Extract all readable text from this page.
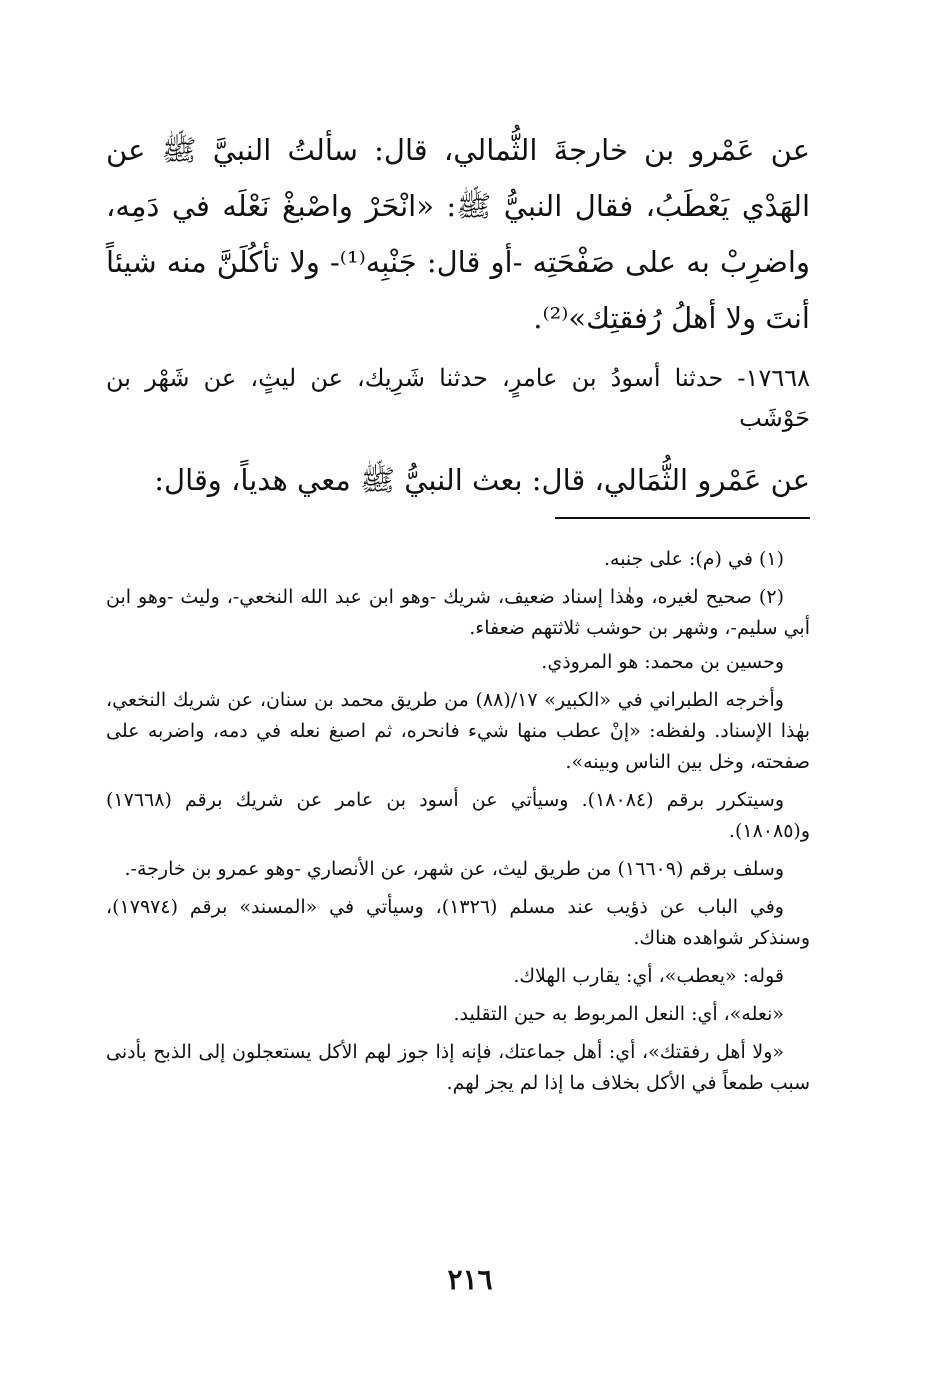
عن عَمْرو بن خارجةَ الثُّمالي، قال: سألتُ النبيَّ ﷺ عن الهَدْي يَعْطَبُ، فقال النبيُّ ﷺ: «انْحَرْ واصْبغْ نَعْلَه في دَمِه، واضرِبْ به على صَفْحَتِه -أو قال: جَنْبِه⁽¹⁾- ولا تأكُلَنَّ منه شيئاً أنتَ ولا أهلُ رُفقتِك»⁽²⁾.
١٧٦٦٨- حدثنا أسودُ بن عامرٍ، حدثنا شَرِيك، عن ليثٍ، عن شَهْر بن حَوْشَب
عن عَمْرو الثُّمَالي، قال: بعث النبيُّ ﷺ معي هدياً، وقال:

(١) في (م): على جنبه.

(٢) صحيح لغيره، وهٰذا إسناد ضعيف، شريك -وهو ابن عبد الله النخعي-، وليث -وهو ابن أبي سليم-، وشهر بن حوشب ثلاثتهم ضعفاء.

وحسين بن محمد: هو المروذي.

وأخرجه الطبراني في «الكبير» ١٧/(٨٨) من طريق محمد بن سنان، عن شريك النخعي، بهٰذا الإسناد. ولفظه: «إنْ عطب منها شيء فانحره، ثم اصبغ نعله في دمه، واضربه على صفحته، وخل بين الناس وبينه».

وسيتكرر برقم (١٨٠٨٤). وسيأتي عن أسود بن عامر عن شريك برقم (١٧٦٦٨) و(١٨٠٨٥).

وسلف برقم (١٦٦٠٩) من طريق ليث، عن شهر، عن الأنصاري -وهو عمرو بن خارجة-.

وفي الباب عن ذؤيب عند مسلم (١٣٢٦)، وسيأتي في «المسند» برقم (١٧٩٧٤)، وسنذكر شواهده هناك.

قوله: «يعطب»، أي: يقارب الهلاك.

«نعله»، أي: النعل المربوط به حين التقليد.

«ولا أهل رفقتك»، أي: أهل جماعتك، فإنه إذا جوز لهم الأكل يستعجلون إلى الذبح بأدنى سبب طمعاً في الأكل بخلاف ما إذا لم يجز لهم.

٢١٦
